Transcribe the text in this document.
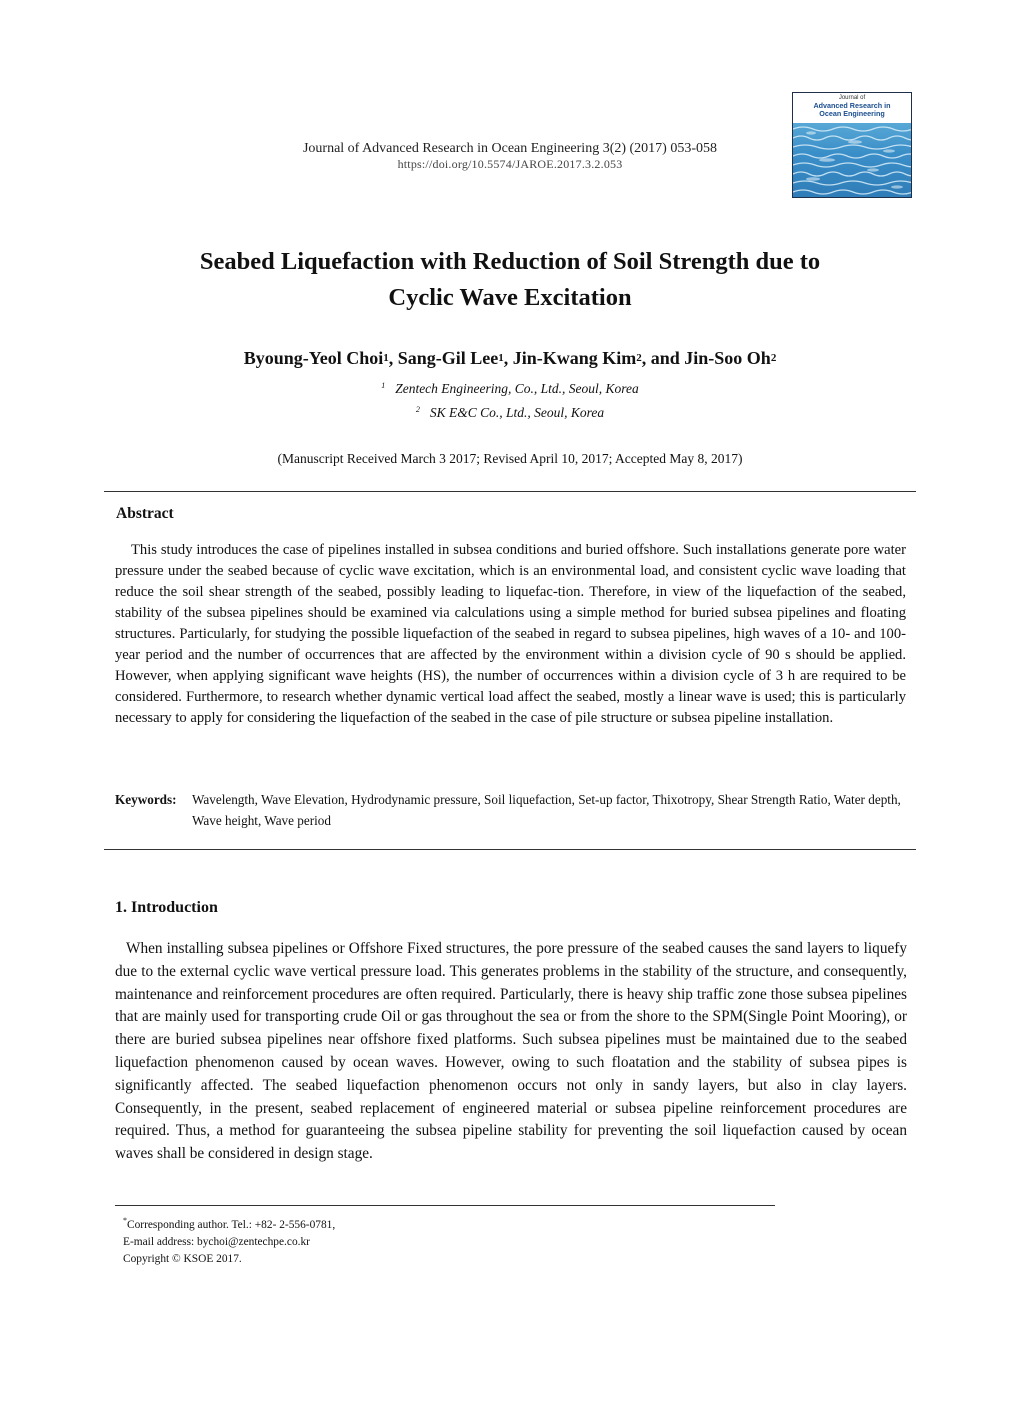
Journal of Advanced Research in Ocean Engineering 3(2) (2017) 053-058
https://doi.org/10.5574/JAROE.2017.3.2.053
Journal of
Advanced Research in
Ocean Engineering
Seabed Liquefaction with Reduction of Soil Strength due to
Cyclic Wave Excitation
Byoung-Yeol Choi$^1$, Sang-Gil Lee$^1$, Jin-Kwang Kim$^2$, and Jin-Soo Oh$^2$
$^1$ Zentech Engineering, Co., Ltd., Seoul, Korea
$^2$ SK E&C Co., Ltd., Seoul, Korea
(Manuscript Received March 3 2017; Revised April 10, 2017; Accepted May 8, 2017)
Abstract
This study introduces the case of pipelines installed in subsea conditions and buried offshore. Such installations generate pore water pressure under the seabed because of cyclic wave excitation, which is an environmental load, and consistent cyclic wave loading that reduce the soil shear strength of the seabed, possibly leading to liquefac-tion. Therefore, in view of the liquefaction of the seabed, stability of the subsea pipelines should be examined via calculations using a simple method for buried subsea pipelines and floating structures. Particularly, for studying the possible liquefaction of the seabed in regard to subsea pipelines, high waves of a 10- and 100-year period and the number of occurrences that are affected by the environment within a division cycle of 90 s should be applied. However, when applying significant wave heights (HS), the number of occurrences within a division cycle of 3 h are required to be considered. Furthermore, to research whether dynamic vertical load affect the seabed, mostly a linear wave is used; this is particularly necessary to apply for considering the liquefaction of the seabed in the case of pile structure or subsea pipeline installation.
Keywords: Wavelength, Wave Elevation, Hydrodynamic pressure, Soil liquefaction, Set-up factor, Thixotropy, Shear Strength Ratio, Water depth, Wave height, Wave period
1. Introduction
When installing subsea pipelines or Offshore Fixed structures, the pore pressure of the seabed causes the sand layers to liquefy due to the external cyclic wave vertical pressure load. This generates problems in the stability of the structure, and consequently, maintenance and reinforcement procedures are often required. Particularly, there is heavy ship traffic zone those subsea pipelines that are mainly used for transporting crude Oil or gas throughout the sea or from the shore to the SPM(Single Point Mooring), or there are buried subsea pipelines near offshore fixed platforms. Such subsea pipelines must be maintained due to the seabed liquefaction phenomenon caused by ocean waves. However, owing to such floatation and the stability of subsea pipes is significantly affected. The seabed liquefaction phenomenon occurs not only in sandy layers, but also in clay layers. Consequently, in the present, seabed replacement of engineered material or subsea pipeline reinforcement procedures are required. Thus, a method for guaranteeing the subsea pipeline stability for preventing the soil liquefaction caused by ocean waves shall be considered in design stage.
*Corresponding author. Tel.: +82- 2-556-0781,
E-mail address: bychoi@zentechpe.co.kr
Copyright © KSOE 2017.
